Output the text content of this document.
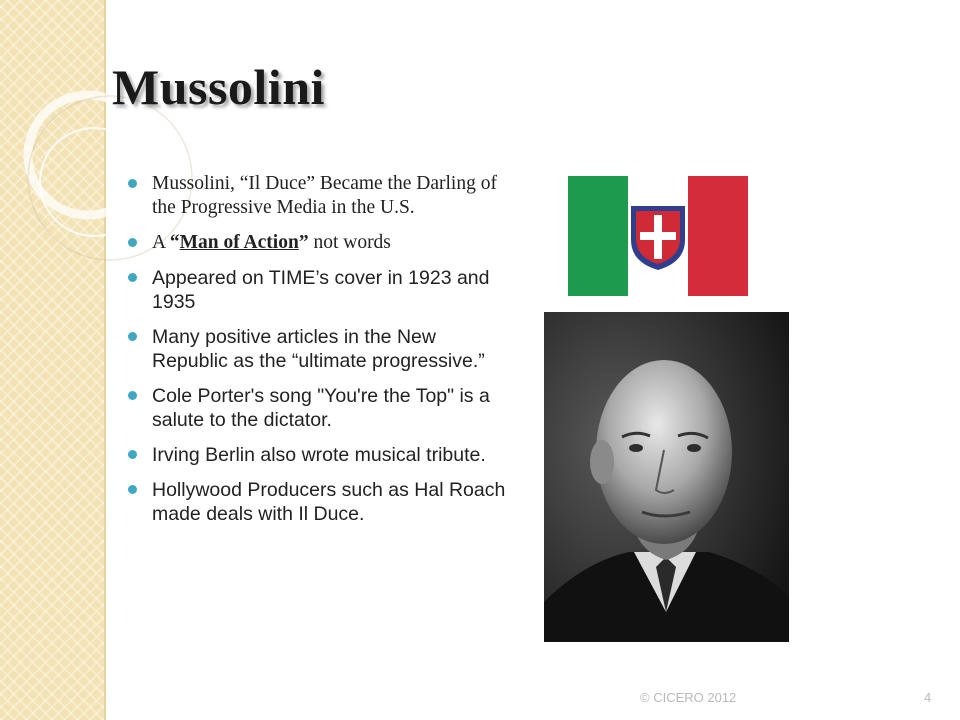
Mussolini
Mussolini, “Il Duce” Became the Darling of the Progressive Media in the U.S.
A “Man of Action” not words
Appeared on TIME’s cover in 1923 and 1935
Many positive articles in the New Republic as the “ultimate progressive.”
Cole Porter's song "You're the Top" is a salute to the dictator.
Irving Berlin also wrote musical tribute.
Hollywood Producers such as Hal Roach made deals with Il Duce.
© CICERO 2012	4
